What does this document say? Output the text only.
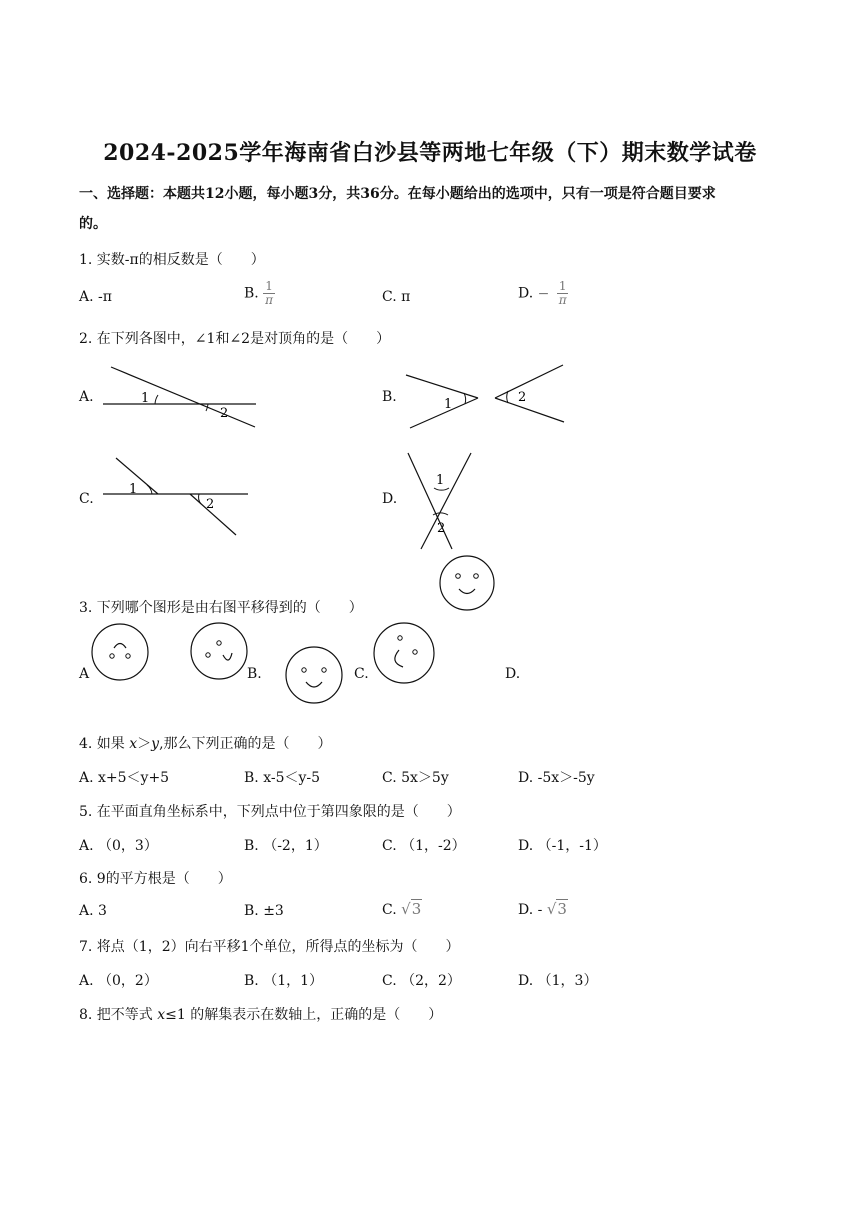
2024-2025学年海南省白沙县等两地七年级（下）期末数学试卷
一、选择题：本题共12小题，每小题3分，共36分。在每小题给出的选项中，只有一项是符合题目要求
的。
1. 实数-π的相反数是（　　）
A. -π	B. $\frac{1}{\pi}$	C. π	D. − $\frac{1}{\pi}$
2. 在下列各图中，∠1和∠2是对顶角的是（　　）
A.	B.
C.	D.
1
2
1	2
1
2
1
2
3. 下列哪个图形是由右图平移得到的（　　）
A	B.	C.	D.
4. 如果 x＞y,那么下列正确的是（　　）
A. x+5＜y+5	B. x-5＜y-5	C. 5x＞5y	D. -5x＞-5y
5. 在平面直角坐标系中，下列点中位于第四象限的是（　　）
A. （0，3）	B. （-2，1）	C. （1，-2）	D. （-1，-1）
6. 9的平方根是（　　）
A. 3	B. ±3	C. √3	D. - √3
7. 将点（1，2）向右平移1个单位，所得点的坐标为（　　）
A. （0，2）	B. （1，1）	C. （2，2）	D. （1，3）
8. 把不等式 x≤1 的解集表示在数轴上，正确的是（　　）
